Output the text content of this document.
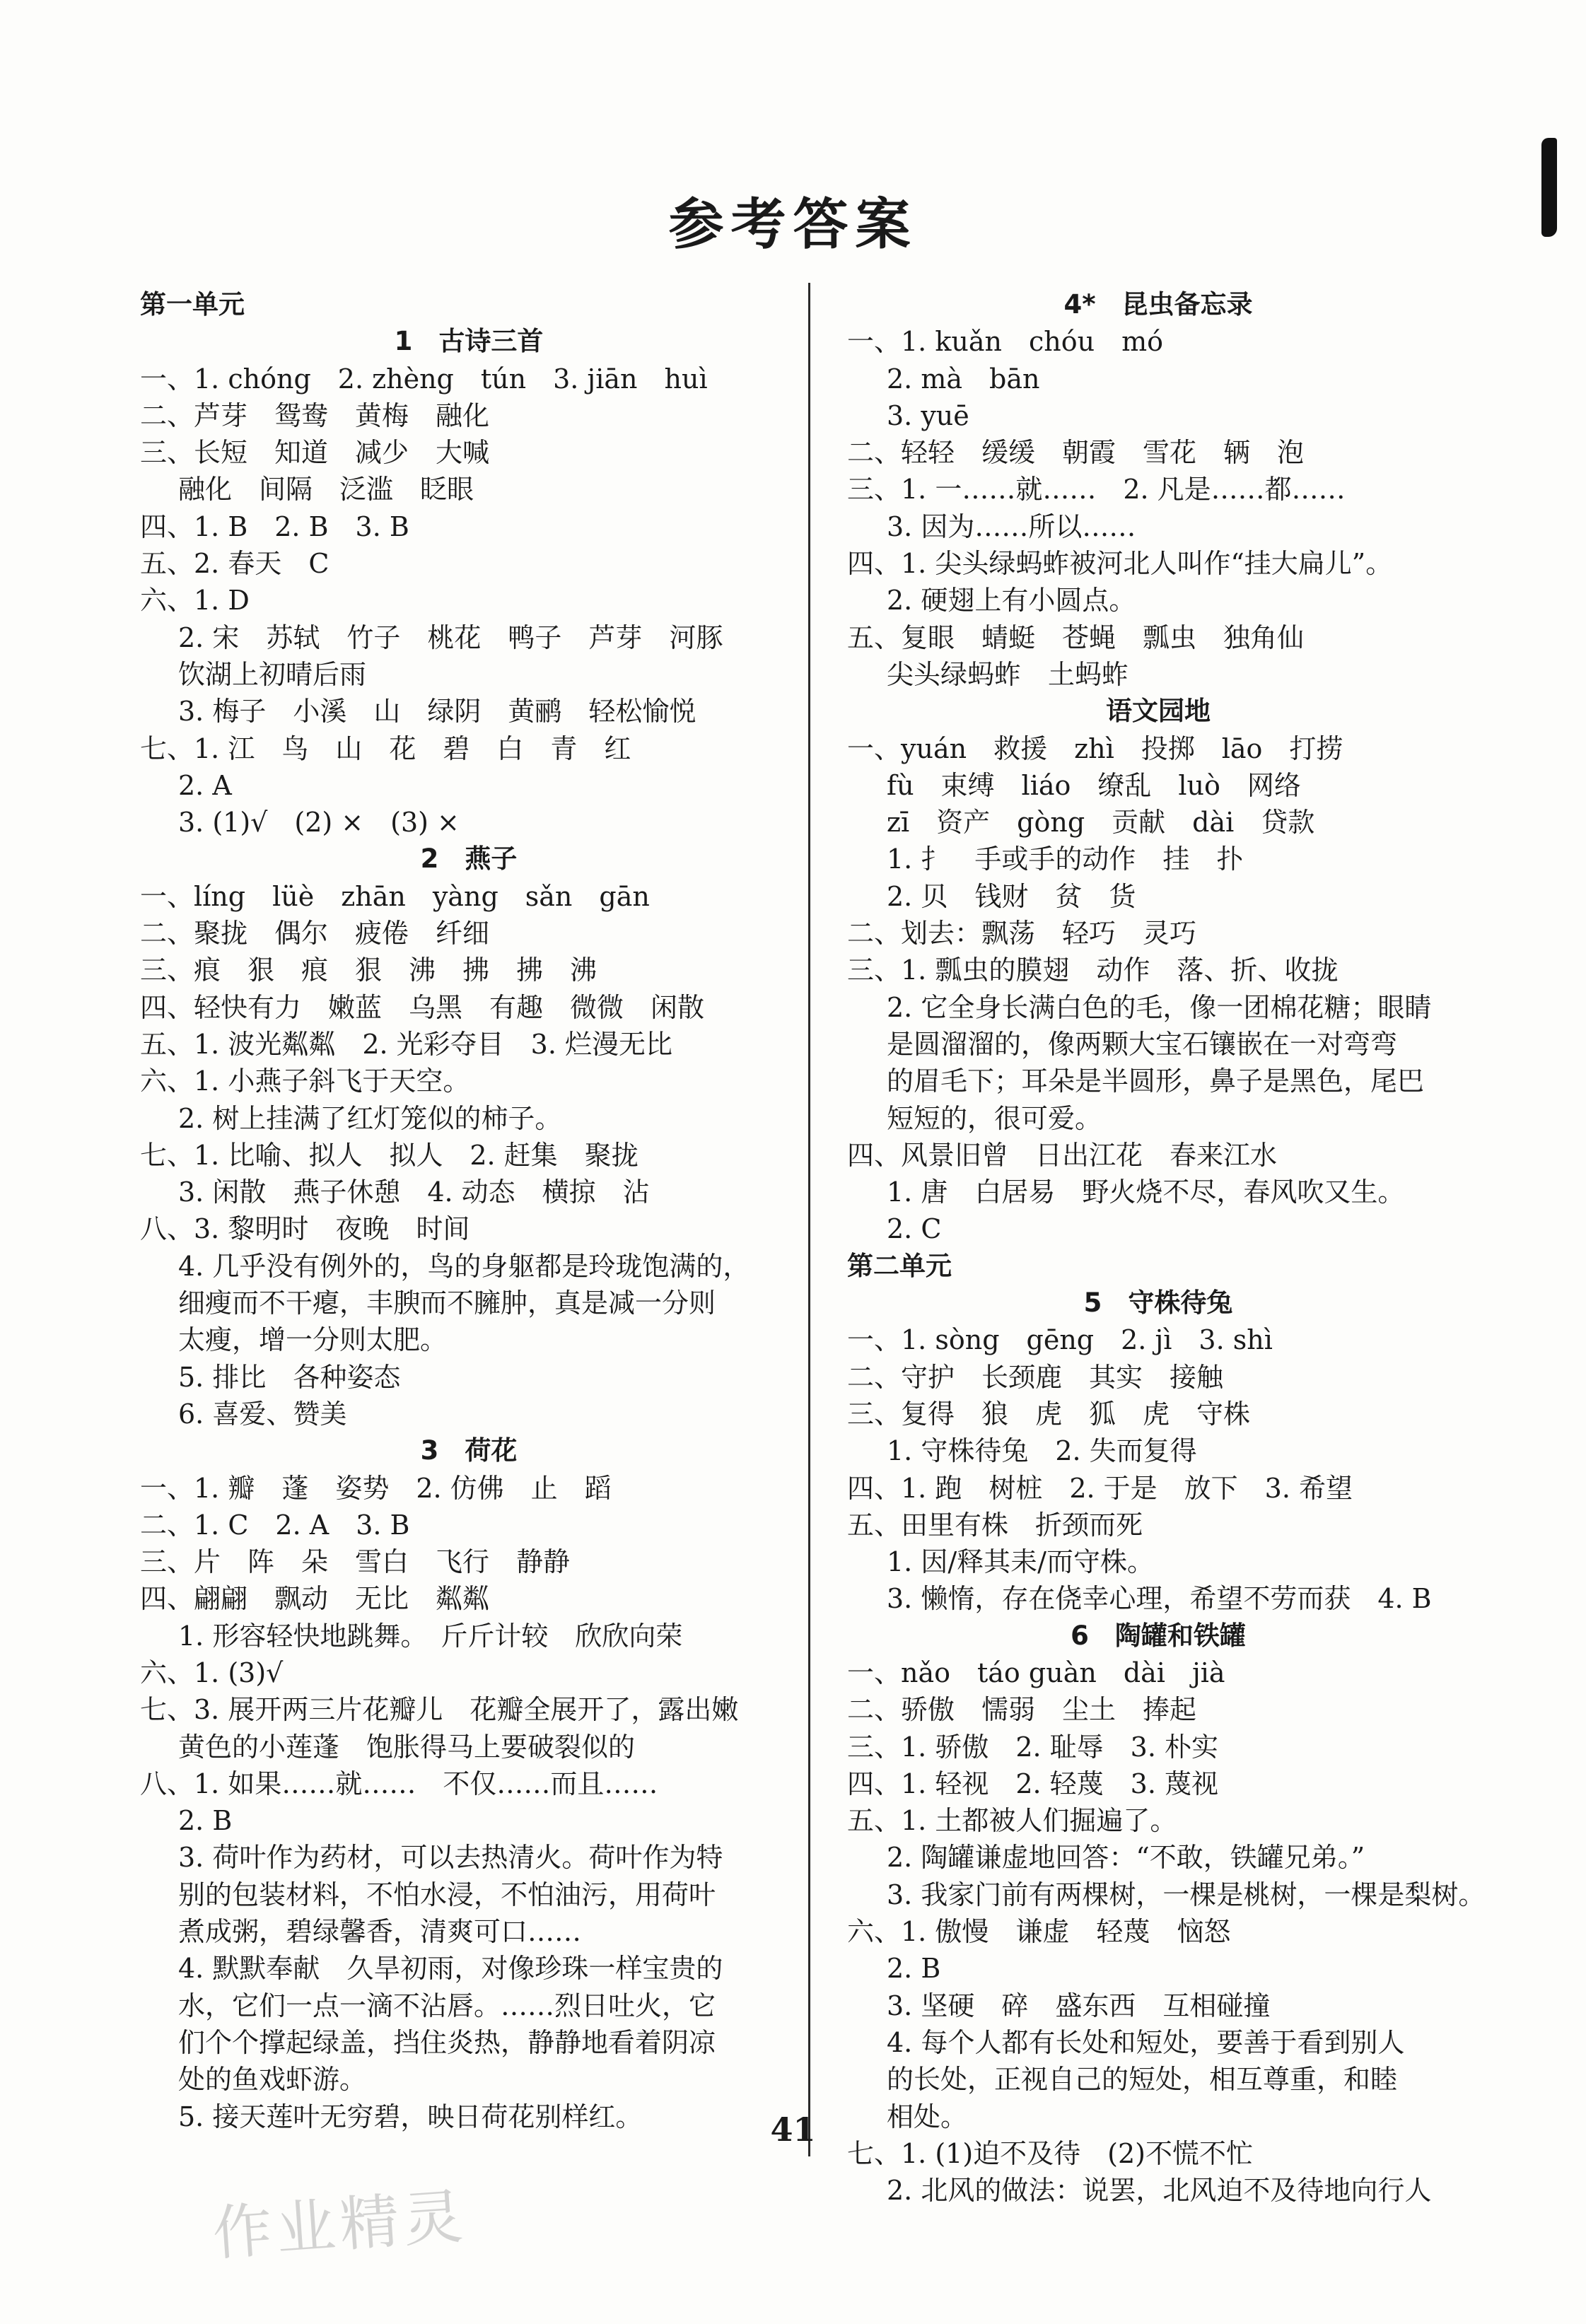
参考答案
第一单元
1　古诗三首
一、1. chóng　2. zhèng　tún　3. jiān　huì
二、芦芽　鸳鸯　黄梅　融化
三、长短　知道　减少　大喊
融化　间隔　泛滥　眨眼
四、1. B　2. B　3. B
五、2. 春天　C
六、1. D
2. 宋　苏轼　竹子　桃花　鸭子　芦芽　河豚
饮湖上初晴后雨
3. 梅子　小溪　山　绿阴　黄鹂　轻松愉悦
七、1. 江　鸟　山　花　碧　白　青　红
2. A
3. (1)√　(2) ×　(3) ×
2　燕子
一、líng　lüè　zhān　yàng　sǎn　gān
二、聚拢　偶尔　疲倦　纤细
三、痕　狠　痕　狠　沸　拂　拂　沸
四、轻快有力　嫩蓝　乌黑　有趣　微微　闲散
五、1. 波光粼粼　2. 光彩夺目　3. 烂漫无比
六、1. 小燕子斜飞于天空。
2. 树上挂满了红灯笼似的柿子。
七、1. 比喻、拟人　拟人　2. 赶集　聚拢
3. 闲散　燕子休憩　4. 动态　横掠　沾
八、3. 黎明时　夜晚　时间
4. 几乎没有例外的，鸟的身躯都是玲珑饱满的，
细瘦而不干瘪，丰腴而不臃肿，真是减一分则
太瘦，增一分则太肥。
5. 排比　各种姿态
6. 喜爱、赞美
3　荷花
一、1. 瓣　蓬　姿势　2. 仿佛　止　蹈
二、1. C　2. A　3. B
三、片　阵　朵　雪白　飞行　静静
四、翩翩　飘动　无比　粼粼
1. 形容轻快地跳舞。　斤斤计较　欣欣向荣
六、1. (3)√
七、3. 展开两三片花瓣儿　花瓣全展开了，露出嫩
黄色的小莲蓬　饱胀得马上要破裂似的
八、1. 如果……就……　不仅……而且……
2. B
3. 荷叶作为药材，可以去热清火。荷叶作为特
别的包装材料，不怕水浸，不怕油污，用荷叶
煮成粥，碧绿馨香，清爽可口……
4. 默默奉献　久旱初雨，对像珍珠一样宝贵的
水，它们一点一滴不沾唇。……烈日吐火，它
们个个撑起绿盖，挡住炎热，静静地看着阴凉
处的鱼戏虾游。
5. 接天莲叶无穷碧，映日荷花别样红。
4*　昆虫备忘录
一、1. kuǎn　chóu　mó
2. mà　bān
3. yuē
二、轻轻　缓缓　朝霞　雪花　辆　泡
三、1. 一……就……　2. 凡是……都……
3. 因为……所以……
四、1. 尖头绿蚂蚱被河北人叫作“挂大扁儿”。
2. 硬翅上有小圆点。
五、复眼　蜻蜓　苍蝇　瓢虫　独角仙
尖头绿蚂蚱　土蚂蚱
语文园地
一、yuán　救援　zhì　投掷　lāo　打捞
fù　束缚　liáo　缭乱　luò　网络
zī　资产　gòng　贡献　dài　贷款
1. 扌　手或手的动作　挂　扑
2. 贝　钱财　贫　货
二、划去：飘荡　轻巧　灵巧
三、1. 瓢虫的膜翅　动作　落、折、收拢
2. 它全身长满白色的毛，像一团棉花糖；眼睛
是圆溜溜的，像两颗大宝石镶嵌在一对弯弯
的眉毛下；耳朵是半圆形，鼻子是黑色，尾巴
短短的，很可爱。
四、风景旧曾　日出江花　春来江水
1. 唐　白居易　野火烧不尽，春风吹又生。
2. C
第二单元
5　守株待兔
一、1. sòng　gēng　2. jì　3. shì
二、守护　长颈鹿　其实　接触
三、复得　狼　虎　狐　虎　守株
1. 守株待兔　2. 失而复得
四、1. 跑　树桩　2. 于是　放下　3. 希望
五、田里有株　折颈而死
1. 因/释其耒/而守株。
3. 懒惰，存在侥幸心理，希望不劳而获　4. B
6　陶罐和铁罐
一、nǎo　táo guàn　dài　jià
二、骄傲　懦弱　尘土　捧起
三、1. 骄傲　2. 耻辱　3. 朴实
四、1. 轻视　2. 轻蔑　3. 蔑视
五、1. 土都被人们掘遍了。
2. 陶罐谦虚地回答：“不敢，铁罐兄弟。”
3. 我家门前有两棵树，一棵是桃树，一棵是梨树。
六、1. 傲慢　谦虚　轻蔑　恼怒
2. B
3. 坚硬　碎　盛东西　互相碰撞
4. 每个人都有长处和短处，要善于看到别人
的长处，正视自己的短处，相互尊重，和睦
相处。
七、1. (1)迫不及待　(2)不慌不忙
2. 北风的做法：说罢，北风迫不及待地向行人
41
作业精灵
